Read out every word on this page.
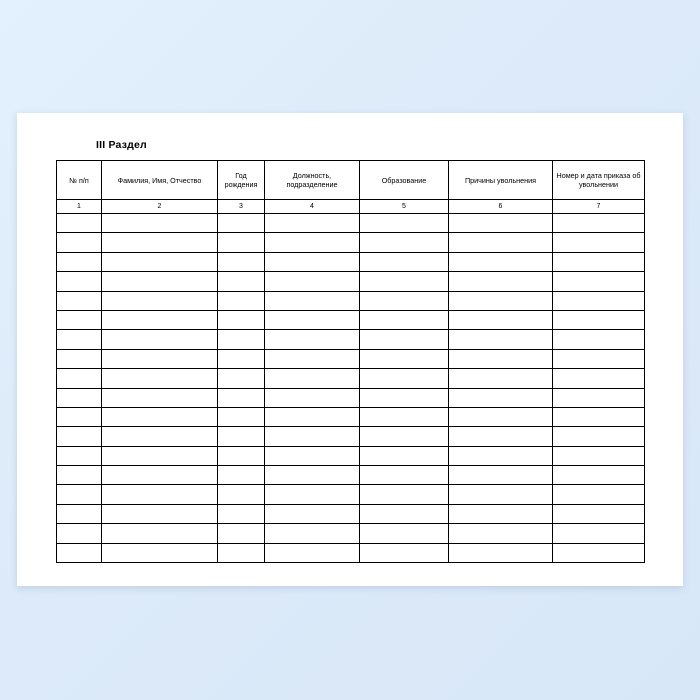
III Раздел
№ п/п	Фамилия, Имя, Отчество	Год рождения	Должность, подразделение	Образование	Причины увольнения	Номер и дата приказа об увольнении
1	2	3	4	5	6	7
